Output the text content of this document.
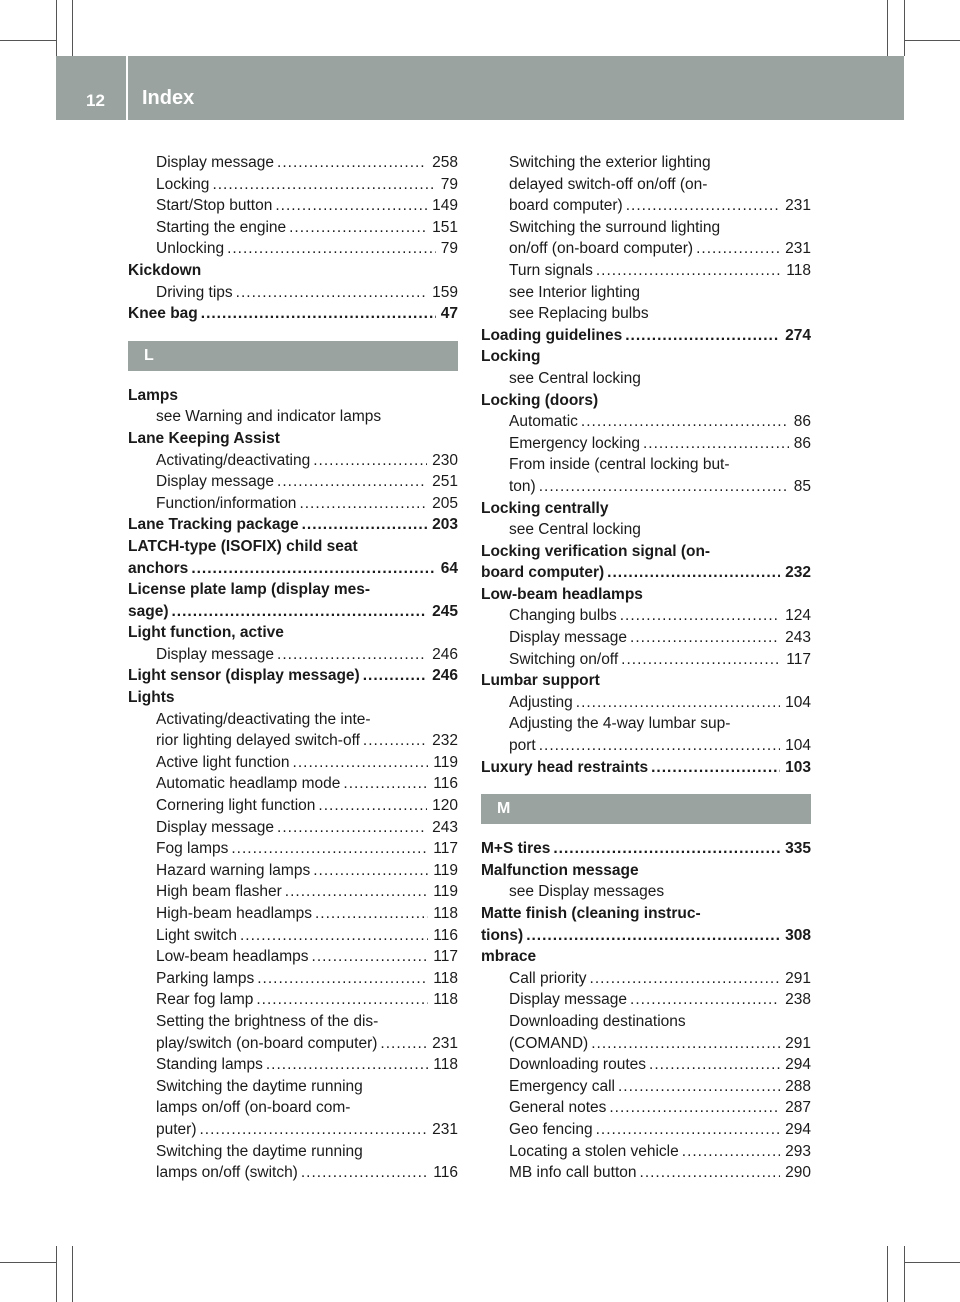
12 Index
Display message .....	258
Locking .....	79
Start/Stop button .....	149
Starting the engine .....	151
Unlocking .....	79
Kickdown
Driving tips .....	159
Knee bag .....	47
L
Lamps
see Warning and indicator lamps
Lane Keeping Assist
Activating/deactivating .....	230
Display message .....	251
Function/information .....	205
Lane Tracking package .....	203
LATCH-type (ISOFIX) child seat
anchors .....	64
License plate lamp (display mes-
sage) .....	245
Light function, active
Display message .....	246
Light sensor (display message) .....	246
Lights
Activating/deactivating the inte-
rior lighting delayed switch-off .....	232
Active light function .....	119
Automatic headlamp mode .....	116
Cornering light function .....	120
Display message .....	243
Fog lamps .....	117
Hazard warning lamps .....	119
High beam flasher .....	119
High-beam headlamps .....	118
Light switch .....	116
Low-beam headlamps .....	117
Parking lamps .....	118
Rear fog lamp .....	118
Setting the brightness of the dis-
play/switch (on-board computer) .....	231
Standing lamps .....	118
Switching the daytime running
lamps on/off (on-board com-
puter) .....	231
Switching the daytime running
lamps on/off (switch) .....	116
Switching the exterior lighting
delayed switch-off on/off (on-
board computer) .....	231
Switching the surround lighting
on/off (on-board computer) .....	231
Turn signals .....	118
see Interior lighting
see Replacing bulbs
Loading guidelines .....	274
Locking
see Central locking
Locking (doors)
Automatic .....	86
Emergency locking .....	86
From inside (central locking but-
ton) .....	85
Locking centrally
see Central locking
Locking verification signal (on-
board computer) .....	232
Low-beam headlamps
Changing bulbs .....	124
Display message .....	243
Switching on/off .....	117
Lumbar support
Adjusting .....	104
Adjusting the 4-way lumbar sup-
port .....	104
Luxury head restraints .....	103
M
M+S tires .....	335
Malfunction message
see Display messages
Matte finish (cleaning instruc-
tions) .....	308
mbrace
Call priority .....	291
Display message .....	238
Downloading destinations
(COMAND) .....	291
Downloading routes .....	294
Emergency call .....	288
General notes .....	287
Geo fencing .....	294
Locating a stolen vehicle .....	293
MB info call button .....	290
